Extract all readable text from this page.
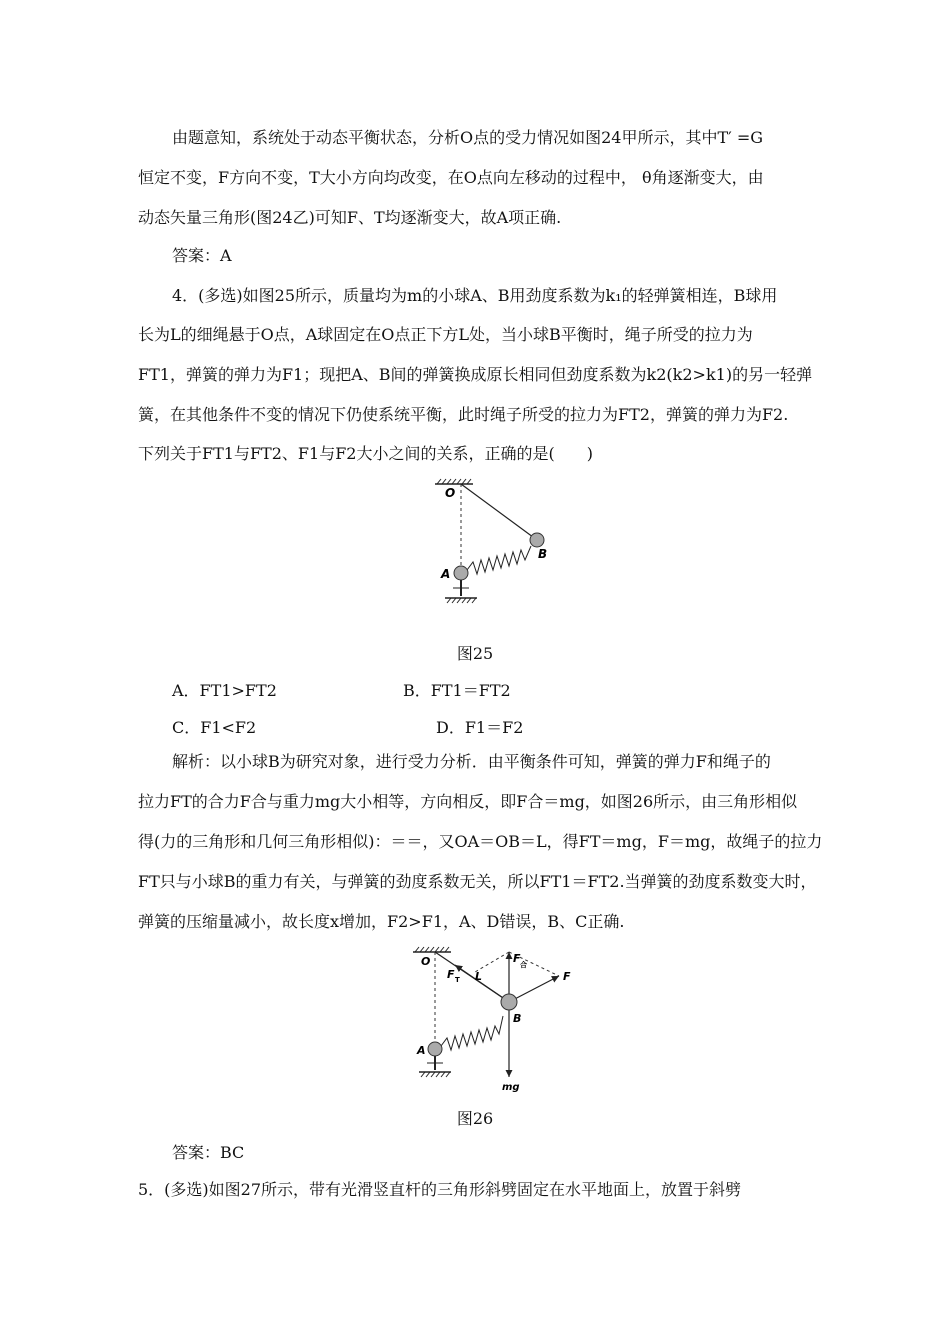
由题意知，系统处于动态平衡状态，分析O点的受力情况如图24甲所示，其中T′ =G
恒定不变，F方向不变，T大小方向均改变，在O点向左移动的过程中， θ角逐渐变大，由
动态矢量三角形(图24乙)可知F、T均逐渐变大，故A项正确.
答案：A
4．(多选)如图25所示，质量均为m的小球A、B用劲度系数为k₁的轻弹簧相连，B球用
长为L的细绳悬于O点，A球固定在O点正下方L处，当小球B平衡时，绳子所受的拉力为
FT1，弹簧的弹力为F1；现把A、B间的弹簧换成原长相同但劲度系数为k2(k2>k1)的另一轻弹
簧，在其他条件不变的情况下仍使系统平衡，此时绳子所受的拉力为FT2，弹簧的弹力为F2.
下列关于FT1与FT2、F1与F2大小之间的关系，正确的是(　　)
O
A
B
图25
A．FT1>FT2	B．FT1＝FT2
C．F1<F2	D．F1＝F2
解析：以小球B为研究对象，进行受力分析．由平衡条件可知，弹簧的弹力F和绳子的
拉力FT的合力F合与重力mg大小相等，方向相反，即F合＝mg，如图26所示，由三角形相似
得(力的三角形和几何三角形相似)：＝＝，又OA＝OB＝L，得FT＝mg，F＝mg，故绳子的拉力
FT只与小球B的重力有关，与弹簧的劲度系数无关，所以FT1＝FT2.当弹簧的劲度系数变大时，
弹簧的压缩量减小，故长度x增加，F2>F1，A、D错误，B、C正确.
O
A
B
F T L
F 合
F
mg
图26
答案：BC
5．(多选)如图27所示，带有光滑竖直杆的三角形斜劈固定在水平地面上，放置于斜劈
